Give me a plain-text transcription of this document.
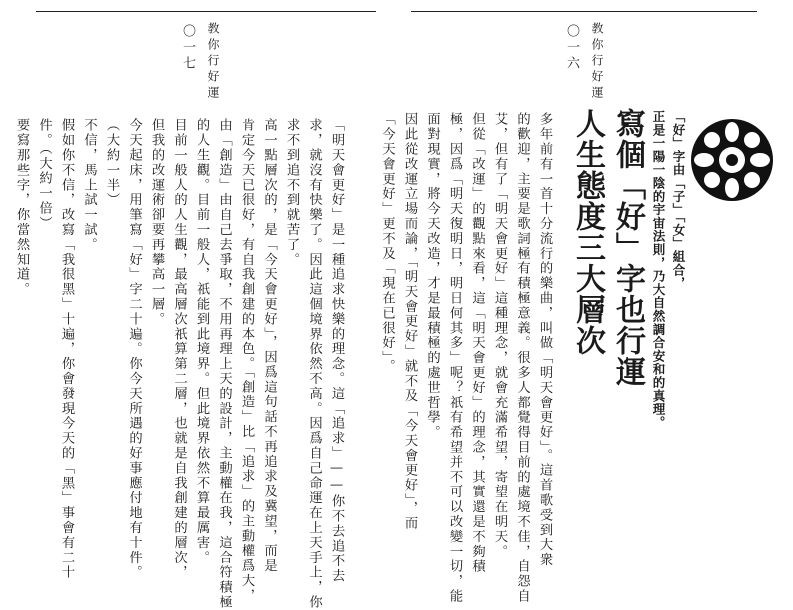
〇一七 教你行好運

「明天會更好」是一種追求快樂的理念。這「追求」——你不去追不去

求，就沒有快樂了。因此這個境界依然不高。因爲自己命運在上天手上，你

求不到追不到就苦了。

高一點層次的，是「今天會更好」，因爲這句話不再追求及冀望，而是

肯定今天已很好，有自我創建的本色。「創造」比「追求」的主動權爲大，

由「創造」由自己去爭取，不用再理上天的設計，主動權在我，這合符積極

的人生觀。目前一般人，祇能到此境界。但此境界依然不算最厲害。

目前一般人的人生觀，最高層次祇算第二層，也就是自我創建的層次，

但我的改運術卻要再攀高一層。

今天起床，用筆寫「好」字二十遍。你今天所遇的好事應付地有十件。

（大約一半）

不信，馬上試一試。

假如你不信，改寫「我很黑」十遍，你會發現今天的「黑」事會有二十

件。（大約一倍）

要寫那些字，你當然知道。

〇一六 教你行好運
「好」字由「子」「女」組合，
正是一陽一陰的宇宙法則，乃大自然調合安和的真理。
寫個「好」字也行運
人生態度三大層次

多年前有一首十分流行的樂曲，叫做「明天會更好」。這首歌受到大衆

的歡迎，主要是歌詞極有積極意義。很多人都覺得目前的處境不佳，自怨自

艾，但有了「明天會更好」這種理念，就會充滿希望，寄望在明天。

但從「改運」的觀點來看，這「明天會更好」的理念，其實還是不夠積

極，因爲「明天復明日，明日何其多」呢？祇有希望并不可以改變一切，能

面對現實，將今天改造，才是最積極的處世哲學。

因此從改運立場而論，「明天會更好」就不及「今天會更好」，而

「今天會更好」更不及「現在已很好」。
